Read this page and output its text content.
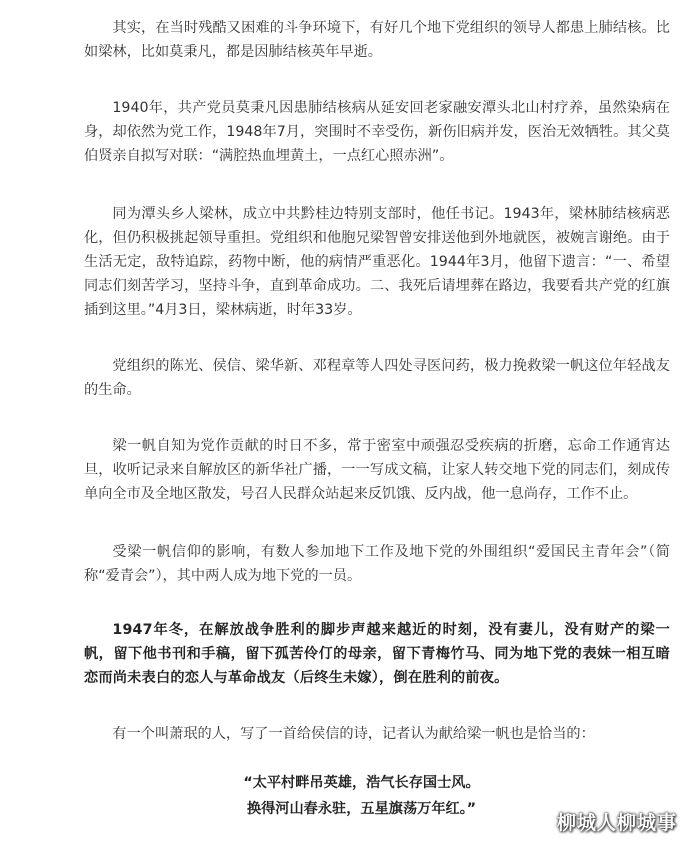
其实，在当时残酷又困难的斗争环境下，有好几个地下党组织的领导人都患上肺结核。比如梁林，比如莫秉凡，都是因肺结核英年早逝。

1940年，共产党员莫秉凡因患肺结核病从延安回老家融安潭头北山村疗养，虽然染病在身，却依然为党工作，1948年7月，突围时不幸受伤，新伤旧病并发，医治无效牺牲。其父莫伯贤亲自拟写对联：“满腔热血埋黄土，一点红心照赤洲”。

同为潭头乡人梁林，成立中共黔桂边特别支部时，他任书记。1943年，梁林肺结核病恶化，但仍积极挑起领导重担。党组织和他胞兄梁智曾安排送他到外地就医，被婉言谢绝。由于生活无定，敌特追踪，药物中断，他的病情严重恶化。1944年3月，他留下遗言：“一、希望同志们刻苦学习，坚持斗争，直到革命成功。二、我死后请埋葬在路边，我要看共产党的红旗插到这里。”4月3日，梁林病逝，时年33岁。

党组织的陈光、侯信、梁华新、邓程章等人四处寻医问药，极力挽救梁一帆这位年轻战友的生命。

梁一帆自知为党作贡献的时日不多，常于密室中顽强忍受疾病的折磨，忘命工作通宵达旦，收听记录来自解放区的新华社广播，一一写成文稿，让家人转交地下党的同志们，刻成传单向全市及全地区散发，号召人民群众站起来反饥饿、反内战，他一息尚存，工作不止。

受梁一帆信仰的影响，有数人参加地下工作及地下党的外围组织“爱国民主青年会”（简称“爱青会”），其中两人成为地下党的一员。

1947年冬，在解放战争胜利的脚步声越来越近的时刻，没有妻儿，没有财产的梁一帆，留下他书刊和手稿，留下孤苦伶仃的母亲，留下青梅竹马、同为地下党的表妹一相互暗恋而尚未表白的恋人与革命战友（后终生未嫁），倒在胜利的前夜。

有一个叫萧珉的人，写了一首给侯信的诗，记者认为献给梁一帆也是恰当的：

“太平村畔吊英雄，浩气长存国士风。
换得河山春永驻，五星旗荡万年红。”
柳城人柳城事
